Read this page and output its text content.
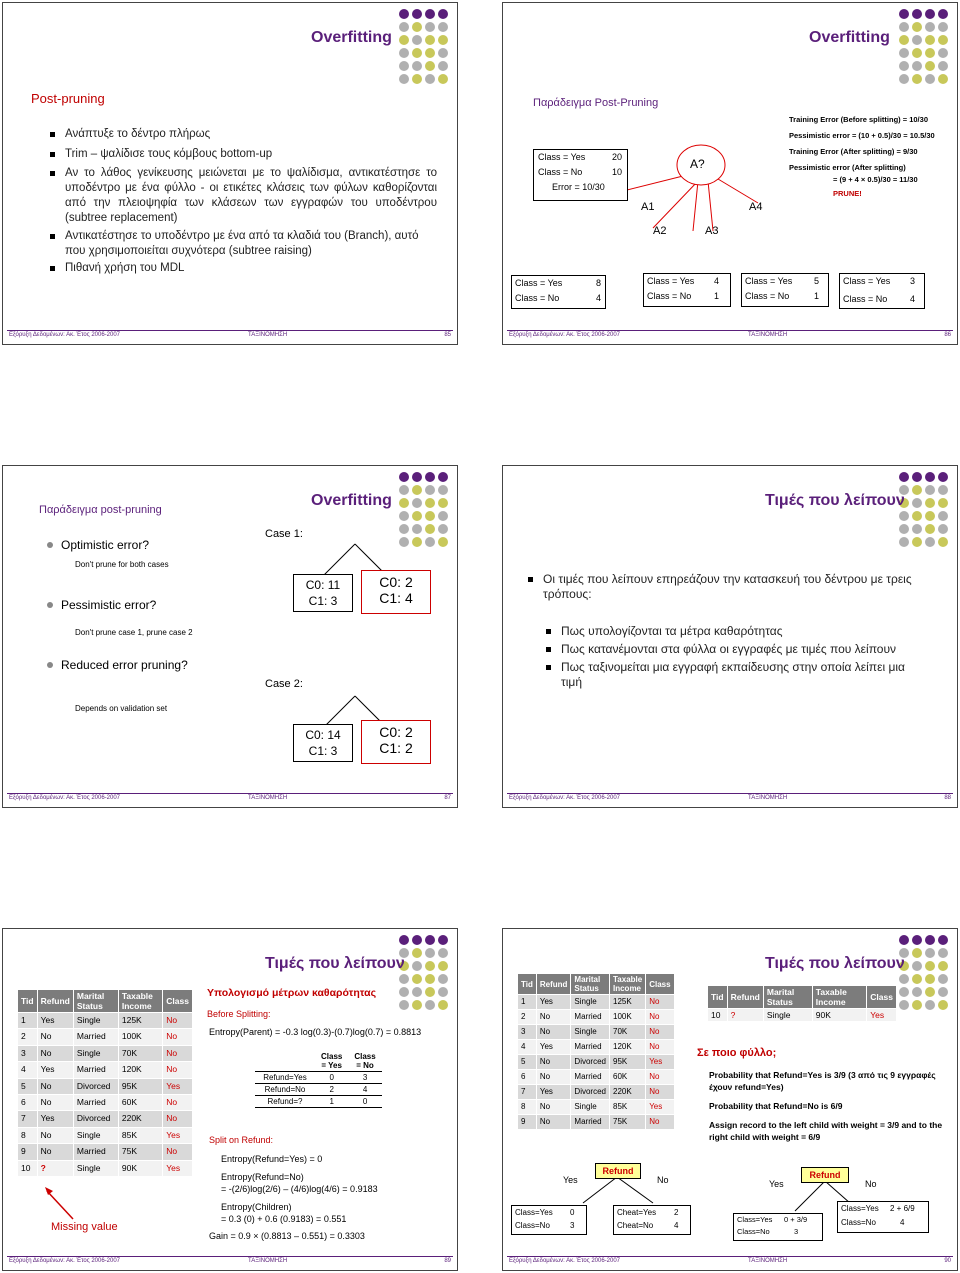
Overfitting
Post-pruning
Ανάπτυξε το δέντρο πλήρως
Trim – ψαλίδισε τους κόμβους bottom-up
Αν το λάθος γενίκευσης μειώνεται με το ψαλίδισμα, αντικατέστησε το υποδέντρο με ένα φύλλο - οι ετικέτες κλάσεις των φύλων καθορίζονται από την πλειοψηφία των κλάσεων των εγγραφών του υποδέντρου (subtree replacement)
Αντικατέστησε το υποδέντρο με ένα από τα κλαδιά του (Branch), αυτό που χρησιμοποιείται συχνότερα (subtree raising)
Πιθανή χρήση του MDL
Εξόρυξη Δεδομένων: Ακ. Έτος 2006-2007	ΤΑΞΙΝΟΜΗΣΗ	85
Overfitting
Παράδειγμα Post-Pruning
Class = Yes	20
Class = No	10
Error = 10/30
A?
A1
A2	A3
A4
Class = Yes	8
Class = No	4
Class = Yes 4
Class = No	1
Class = Yes 5
Class = No	1
Class = Yes 3
Class = No	4
Training Error (Before splitting) = 10/30
Pessimistic error = (10 + 0.5)/30 = 10.5/30
Training Error (After splitting) = 9/30
Pessimistic error (After splitting)
= (9 + 4 × 0.5)/30 = 11/30
PRUNE!
Εξόρυξη Δεδομένων: Ακ. Έτος 2006-2007	ΤΑΞΙΝΟΜΗΣΗ	86
Overfitting
Παράδειγμα post-pruning
Optimistic error?
Don't prune for both cases
Pessimistic error?
Don't prune case 1, prune case 2
Reduced error pruning?
Depends on validation set
Case 1:
Case 2:
C0: 11
C1: 3
C0: 2
C1: 4
C0: 14
C1: 3
C0: 2
C1: 2
Εξόρυξη Δεδομένων: Ακ. Έτος 2006-2007	ΤΑΞΙΝΟΜΗΣΗ	87
Τιμές που λείπουν
Οι τιμές που λείπουν επηρεάζουν την κατασκευή του δέντρου με τρεις τρόπους:
Πως υπολογίζονται τα μέτρα καθαρότητας
Πως κατανέμονται στα φύλλα οι εγγραφές με τιμές που λείπουν
Πως ταξινομείται μια εγγραφή εκπαίδευσης στην οποία λείπει μια τιμή
Εξόρυξη Δεδομένων: Ακ. Έτος 2006-2007	ΤΑΞΙΝΟΜΗΣΗ	88
Τιμές που λείπουν
Tid	Refund	Marital Status	Taxable Income	Class
1	Yes	Single	125K	No
2	No	Married	100K	No
3	No	Single	70K	No
4	Yes	Married	120K	No
5	No	Divorced	95K	Yes
6	No	Married	60K	No
7	Yes	Divorced	220K	No
8	No	Single	85K	Yes
9	No	Married	75K	No
10	?	Single	90K	Yes
Missing value
Υπολογισμό μέτρων καθαρότητας
Before Splitting:
Entropy(Parent) = -0.3 log(0.3)-(0.7)log(0.7) = 0.8813
	Class = Yes	Class = No
Refund=Yes	0	3
Refund=No	2	4
Refund=?	1	0
Split on Refund:
Entropy(Refund=Yes) = 0
Entropy(Refund=No)
= -(2/6)log(2/6) – (4/6)log(4/6) = 0.9183
Entropy(Children)
= 0.3 (0) + 0.6 (0.9183) = 0.551
Gain = 0.9 × (0.8813 – 0.551) = 0.3303
Εξόρυξη Δεδομένων: Ακ. Έτος 2006-2007	ΤΑΞΙΝΟΜΗΣΗ	89
Τιμές που λείπουν
Tid	Refund	Marital Status	Taxable Income	Class
1	Yes	Single	125K	No
2	No	Married	100K	No
3	No	Single	70K	No
4	Yes	Married	120K	No
5	No	Divorced	95K	Yes
6	No	Married	60K	No
7	Yes	Divorced	220K	No
8	No	Single	85K	Yes
9	No	Married	75K	No
Tid	Refund	Marital Status	Taxable Income	Class
10	?	Single	90K	Yes
Σε ποιο φύλλο;
Probability that Refund=Yes is 3/9 (3 από τις 9 εγγραφές έχουν refund=Yes)
Probability that Refund=No is 6/9
Assign record to the left child with weight = 3/9 and to the right child with weight = 6/9
Refund
Yes	No
Class=Yes 0
Class=No	3
Cheat=Yes 2
Cheat=No	4
Refund
Yes	No
Class=Yes 0 + 3/9
Class=No	3
Class=Yes 2 + 6/9
Class=No	4
Εξόρυξη Δεδομένων: Ακ. Έτος 2006-2007	ΤΑΞΙΝΟΜΗΣΗ	90
